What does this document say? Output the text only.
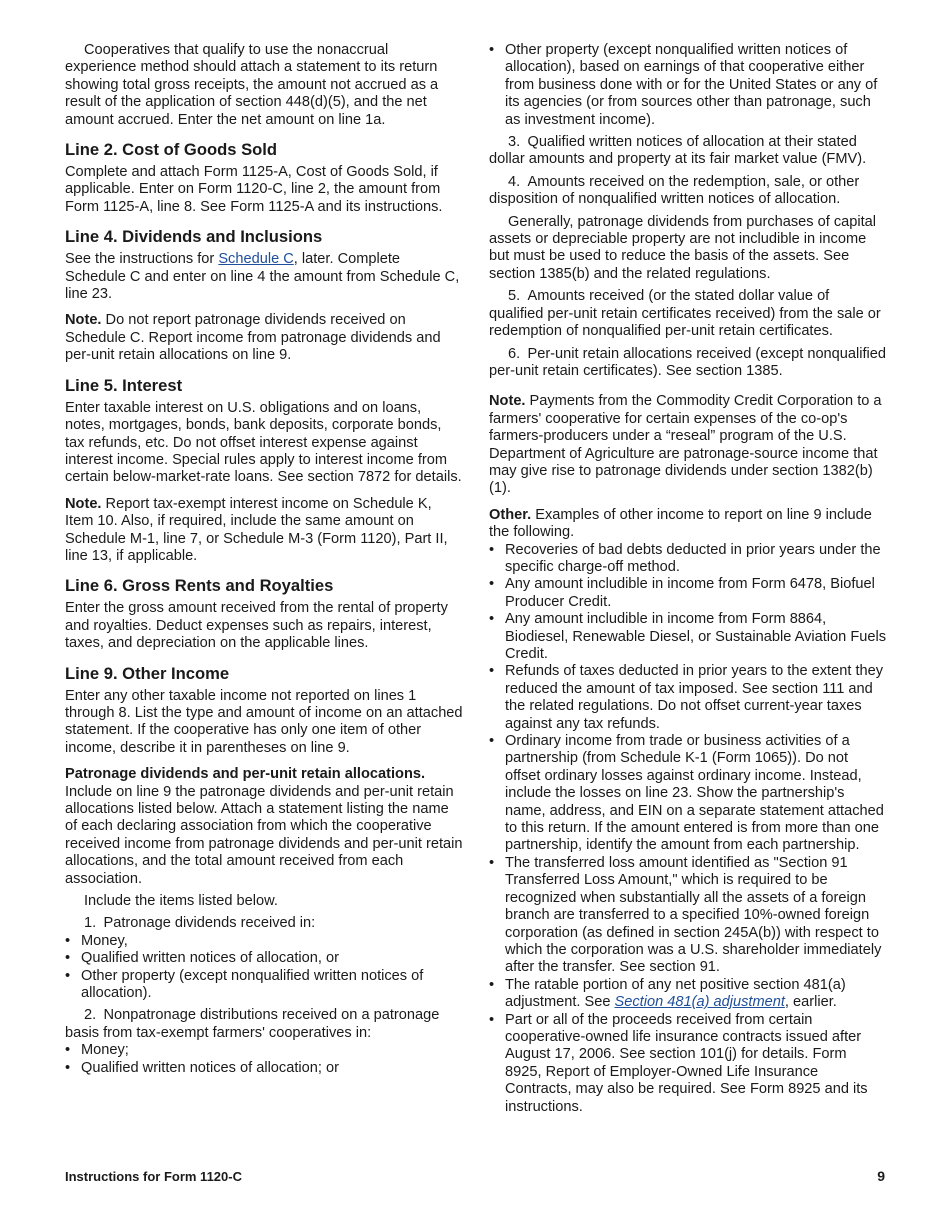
Cooperatives that qualify to use the nonaccrual experience method should attach a statement to its return showing total gross receipts, the amount not accrued as a result of the application of section 448(d)(5), and the net amount accrued. Enter the net amount on line 1a.

Line 2. Cost of Goods Sold

Complete and attach Form 1125-A, Cost of Goods Sold, if applicable. Enter on Form 1120-C, line 2, the amount from Form 1125-A, line 8. See Form 1125-A and its instructions.

Line 4. Dividends and Inclusions

See the instructions for Schedule C, later. Complete Schedule C and enter on line 4 the amount from Schedule C, line 23.

Note. Do not report patronage dividends received on Schedule C. Report income from patronage dividends and per-unit retain allocations on line 9.

Line 5. Interest

Enter taxable interest on U.S. obligations and on loans, notes, mortgages, bonds, bank deposits, corporate bonds, tax refunds, etc. Do not offset interest expense against interest income. Special rules apply to interest income from certain below-market-rate loans. See section 7872 for details.

Note. Report tax-exempt interest income on Schedule K, Item 10. Also, if required, include the same amount on Schedule M-1, line 7, or Schedule M-3 (Form 1120), Part II, line 13, if applicable.

Line 6. Gross Rents and Royalties

Enter the gross amount received from the rental of property and royalties. Deduct expenses such as repairs, interest, taxes, and depreciation on the applicable lines.

Line 9. Other Income

Enter any other taxable income not reported on lines 1 through 8. List the type and amount of income on an attached statement. If the cooperative has only one item of other income, describe it in parentheses on line 9.

Patronage dividends and per-unit retain allocations. Include on line 9 the patronage dividends and per-unit retain allocations listed below. Attach a statement listing the name of each declaring association from which the cooperative received income from patronage dividends and per-unit retain allocations, and the total amount received from each association.

Include the items listed below.

1. Patronage dividends received in:

• Money,

• Qualified written notices of allocation, or

• Other property (except nonqualified written notices of allocation).

2. Nonpatronage distributions received on a patronage basis from tax-exempt farmers' cooperatives in:

• Money;

• Qualified written notices of allocation; or

• Other property (except nonqualified written notices of allocation), based on earnings of that cooperative either from business done with or for the United States or any of its agencies (or from sources other than patronage, such as investment income).

3. Qualified written notices of allocation at their stated dollar amounts and property at its fair market value (FMV).

4. Amounts received on the redemption, sale, or other disposition of nonqualified written notices of allocation.

Generally, patronage dividends from purchases of capital assets or depreciable property are not includible in income but must be used to reduce the basis of the assets. See section 1385(b) and the related regulations.

5. Amounts received (or the stated dollar value of qualified per-unit retain certificates received) from the sale or redemption of nonqualified per-unit retain certificates.

6. Per-unit retain allocations received (except nonqualified per-unit retain certificates). See section 1385.

Note. Payments from the Commodity Credit Corporation to a farmers' cooperative for certain expenses of the co-op's farmers-producers under a “reseal” program of the U.S. Department of Agriculture are patronage-source income that may give rise to patronage dividends under section 1382(b)(1).

Other. Examples of other income to report on line 9 include the following.

• Recoveries of bad debts deducted in prior years under the specific charge-off method.

• Any amount includible in income from Form 6478, Biofuel Producer Credit.

• Any amount includible in income from Form 8864, Biodiesel, Renewable Diesel, or Sustainable Aviation Fuels Credit.

• Refunds of taxes deducted in prior years to the extent they reduced the amount of tax imposed. See section 111 and the related regulations. Do not offset current-year taxes against any tax refunds.

• Ordinary income from trade or business activities of a partnership (from Schedule K-1 (Form 1065)). Do not offset ordinary losses against ordinary income. Instead, include the losses on line 23. Show the partnership's name, address, and EIN on a separate statement attached to this return. If the amount entered is from more than one partnership, identify the amount from each partnership.

• The transferred loss amount identified as "Section 91 Transferred Loss Amount," which is required to be recognized when substantially all the assets of a foreign branch are transferred to a specified 10%-owned foreign corporation (as defined in section 245A(b)) with respect to which the corporation was a U.S. shareholder immediately after the transfer. See section 91.

• The ratable portion of any net positive section 481(a) adjustment. See Section 481(a) adjustment, earlier.

• Part or all of the proceeds received from certain cooperative-owned life insurance contracts issued after August 17, 2006. See section 101(j) for details. Form 8925, Report of Employer-Owned Life Insurance Contracts, may also be required. See Form 8925 and its instructions.

Instructions for Form 1120-C	9
